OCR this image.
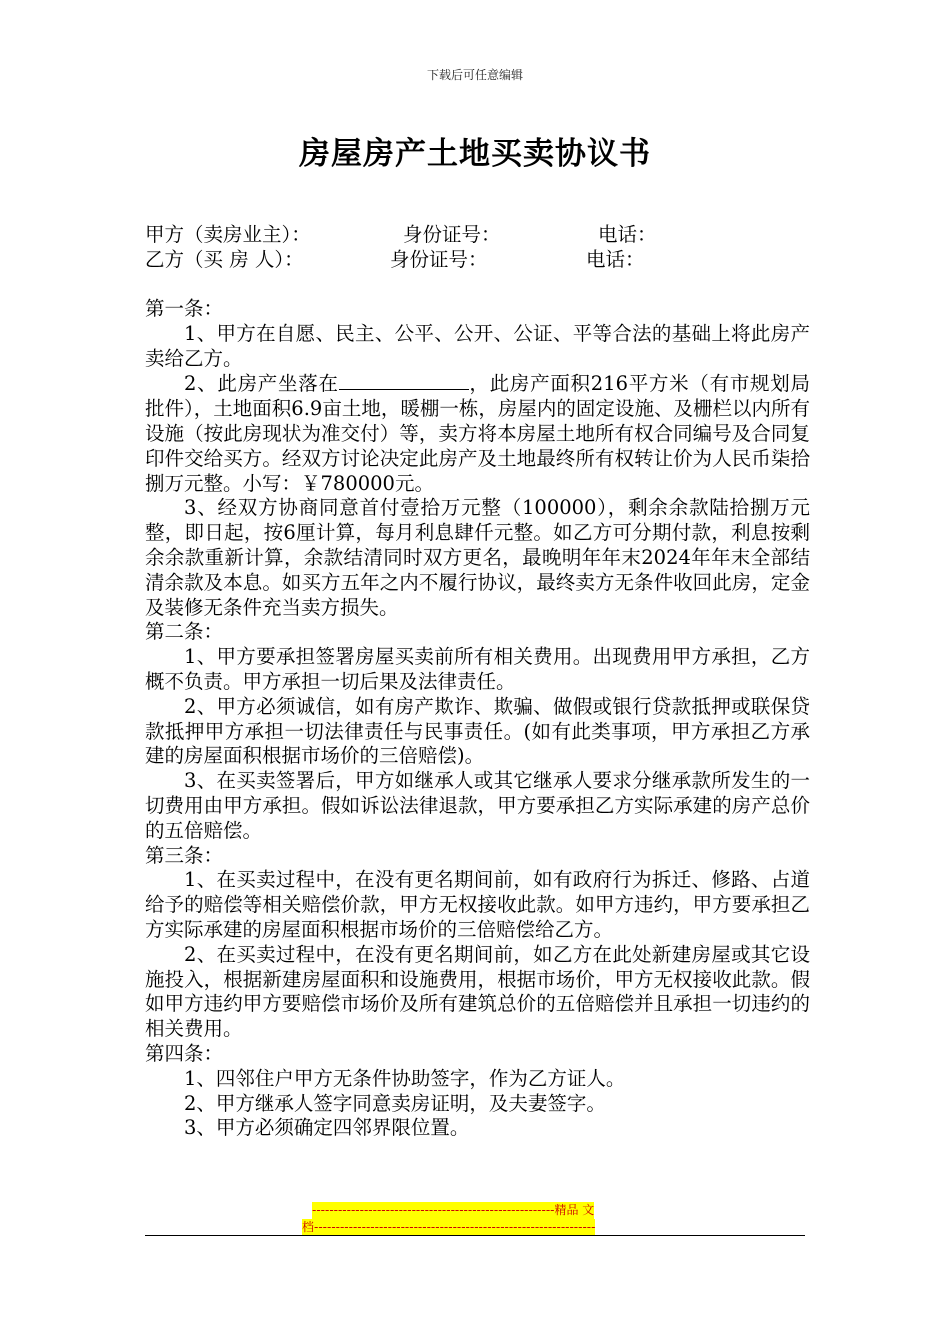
下载后可任意编辑
房屋房产土地买卖协议书
甲方（卖房业主）：	身份证号：	电话：
乙方（买 房 人）：	身份证号：	电话：

第一条：

1、甲方在自愿、民主、公平、公开、公证、平等合法的基础上将此房产卖给乙方。

2、此房产坐落在	，此房产面积216平方米（有市规划局批件），土地面积6.9亩土地，暖棚一栋，房屋内的固定设施、及栅栏以内所有设施（按此房现状为准交付）等，卖方将本房屋土地所有权合同编号及合同复印件交给买方。经双方讨论决定此房产及土地最终所有权转让价为人民币柒拾捌万元整。小写：￥780000元。

3、经双方协商同意首付壹拾万元整（100000），剩余余款陆拾捌万元整，即日起，按6厘计算，每月利息肆仟元整。如乙方可分期付款，利息按剩余余款重新计算，余款结清同时双方更名，最晚明年年末2024年年末全部结清余款及本息。如买方五年之内不履行协议，最终卖方无条件收回此房，定金及装修无条件充当卖方损失。

第二条：

1、甲方要承担签署房屋买卖前所有相关费用。出现费用甲方承担，乙方概不负责。甲方承担一切后果及法律责任。

2、甲方必须诚信，如有房产欺诈、欺骗、做假或银行贷款抵押或联保贷款抵押甲方承担一切法律责任与民事责任。(如有此类事项，甲方承担乙方承建的房屋面积根据市场价的三倍赔偿)。

3、在买卖签署后，甲方如继承人或其它继承人要求分继承款所发生的一切费用由甲方承担。假如诉讼法律退款，甲方要承担乙方实际承建的房产总价的五倍赔偿。

第三条：

1、在买卖过程中，在没有更名期间前，如有政府行为拆迁、修路、占道给予的赔偿等相关赔偿价款，甲方无权接收此款。如甲方违约，甲方要承担乙方实际承建的房屋面积根据市场价的三倍赔偿给乙方。

2、在买卖过程中，在没有更名期间前，如乙方在此处新建房屋或其它设施投入，根据新建房屋面积和设施费用，根据市场价，甲方无权接收此款。假如甲方违约甲方要赔偿市场价及所有建筑总价的五倍赔偿并且承担一切违约的相关费用。

第四条：

1、四邻住户甲方无条件协助签字，作为乙方证人。

2、甲方继承人签字同意卖房证明，及夫妻签字。

3、甲方必须确定四邻界限位置。

--------------------------------------------------------精品 文
档-----------------------------------------------------------------
